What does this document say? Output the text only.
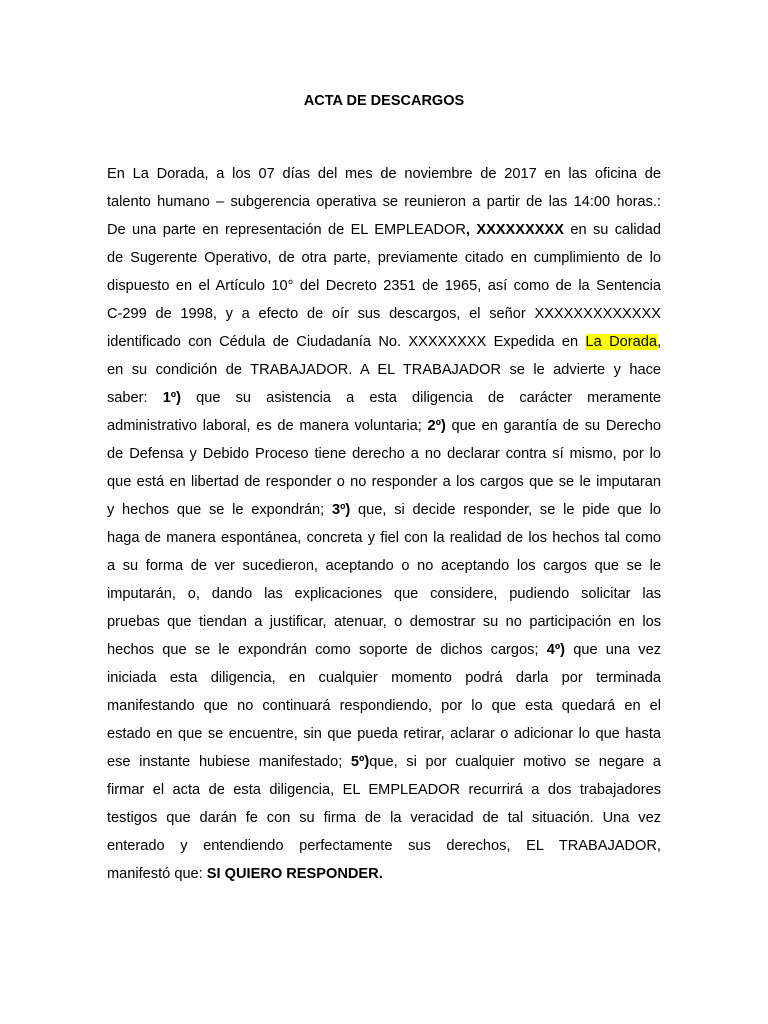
ACTA DE DESCARGOS
En La Dorada, a los 07 días del mes de noviembre de 2017 en las oficina de
talento humano – subgerencia operativa se reunieron a partir de las 14:00 horas.:
De una parte en representación de EL EMPLEADOR, XXXXXXXXX en su calidad
de Sugerente Operativo, de otra parte, previamente citado en cumplimiento de lo
dispuesto en el Artículo 10° del Decreto 2351 de 1965, así como de la Sentencia
C-299 de 1998, y a efecto de oír sus descargos, el señor XXXXXXXXXXXXX
identificado con Cédula de Ciudadanía No. XXXXXXXX Expedida en La Dorada,
en su condición de TRABAJADOR. A EL TRABAJADOR se le advierte y hace
saber: 1º) que su asistencia a esta diligencia de carácter meramente
administrativo laboral, es de manera voluntaria; 2º) que en garantía de su Derecho
de Defensa y Debido Proceso tiene derecho a no declarar contra sí mismo, por lo
que está en libertad de responder o no responder a los cargos que se le imputaran
y hechos que se le expondrán; 3º) que, si decide responder, se le pide que lo
haga de manera espontánea, concreta y fiel con la realidad de los hechos tal como
a su forma de ver sucedieron, aceptando o no aceptando los cargos que se le
imputarán, o, dando las explicaciones que considere, pudiendo solicitar las
pruebas que tiendan a justificar, atenuar, o demostrar su no participación en los
hechos que se le expondrán como soporte de dichos cargos; 4º) que una vez
iniciada esta diligencia, en cualquier momento podrá darla por terminada
manifestando que no continuará respondiendo, por lo que esta quedará en el
estado en que se encuentre, sin que pueda retirar, aclarar o adicionar lo que hasta
ese instante hubiese manifestado; 5º)que, si por cualquier motivo se negare a
firmar el acta de esta diligencia, EL EMPLEADOR recurrirá a dos trabajadores
testigos que darán fe con su firma de la veracidad de tal situación. Una vez
enterado y entendiendo perfectamente sus derechos, EL TRABAJADOR,
manifestó que: SI QUIERO RESPONDER.
